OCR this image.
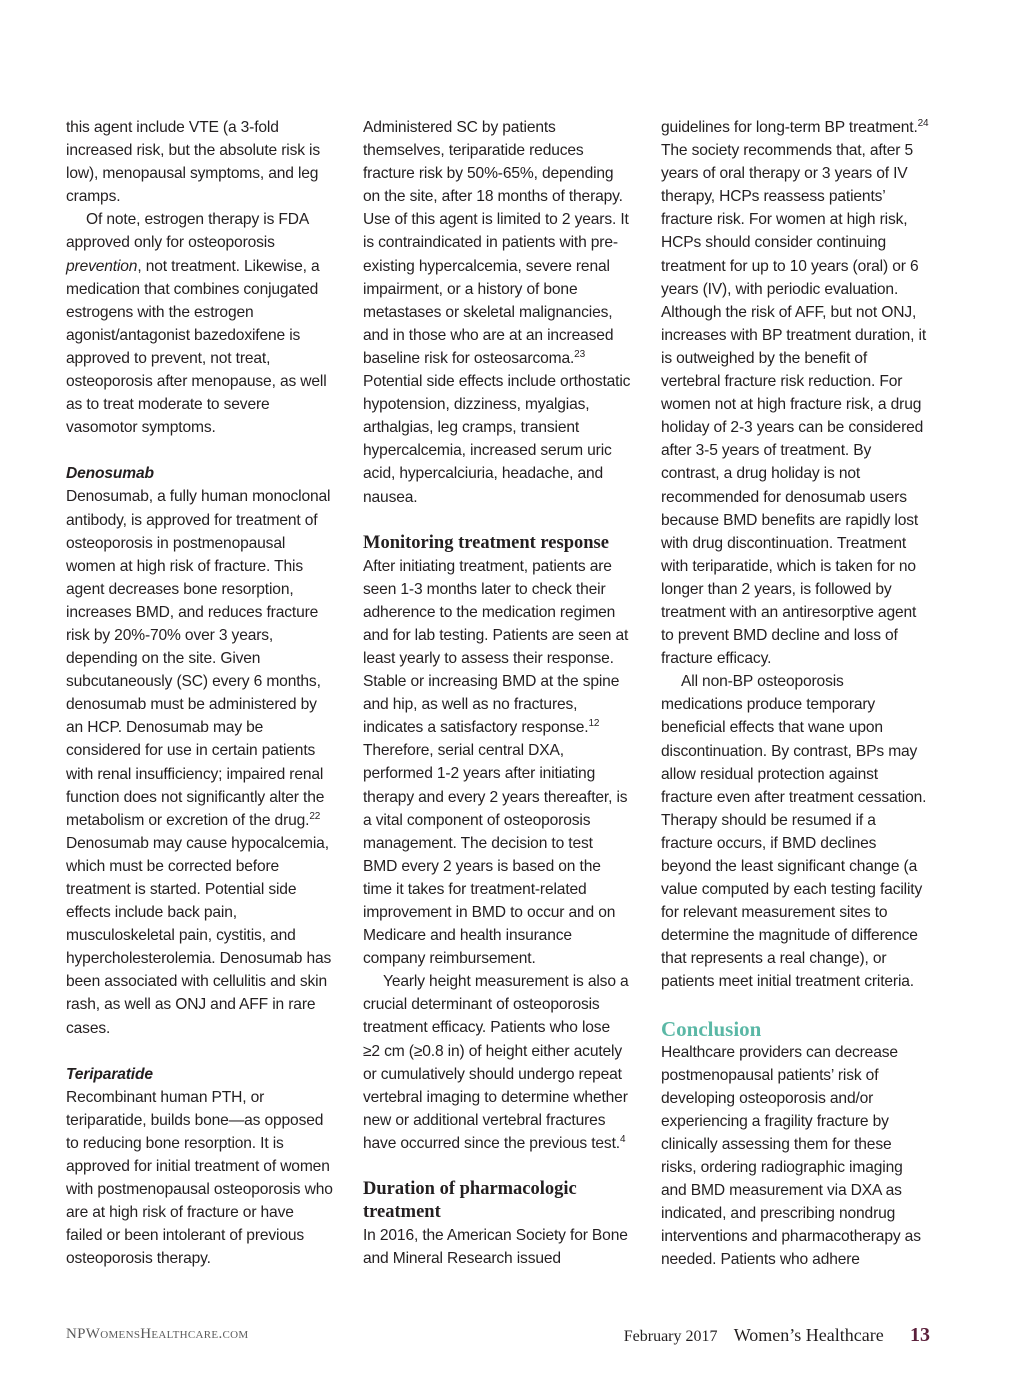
this agent include VTE (a 3-fold increased risk, but the absolute risk is low), menopausal symptoms, and leg cramps.

Of note, estrogen therapy is FDA approved only for osteoporosis prevention, not treatment. Likewise, a medication that combines conjugated estrogens with the estrogen agonist/antagonist bazedoxifene is approved to prevent, not treat, osteoporosis after menopause, as well as to treat moderate to severe vasomotor symptoms.

Denosumab

Denosumab, a fully human monoclonal antibody, is approved for treatment of osteoporosis in postmenopausal women at high risk of fracture. This agent decreases bone resorption, increases BMD, and reduces fracture risk by 20%-70% over 3 years, depending on the site. Given subcutaneously (SC) every 6 months, denosumab must be administered by an HCP. Denosumab may be considered for use in certain patients with renal insufficiency; impaired renal function does not significantly alter the metabolism or excretion of the drug.$^{22}$ Denosumab may cause hypocalcemia, which must be corrected before treatment is started. Potential side effects include back pain, musculoskeletal pain, cystitis, and hypercholesterolemia. Denosumab has been associated with cellulitis and skin rash, as well as ONJ and AFF in rare cases.

Teriparatide

Recombinant human PTH, or teriparatide, builds bone—as opposed to reducing bone resorption. It is approved for initial treatment of women with postmenopausal osteoporosis who are at high risk of fracture or have failed or been intolerant of previous osteoporosis therapy.

Administered SC by patients themselves, teriparatide reduces fracture risk by 50%-65%, depending on the site, after 18 months of therapy. Use of this agent is limited to 2 years. It is contraindicated in patients with pre-existing hypercalcemia, severe renal impairment, or a history of bone metastases or skeletal malignancies, and in those who are at an increased baseline risk for osteosarcoma.$^{23}$ Potential side effects include orthostatic hypotension, dizziness, myalgias, arthalgias, leg cramps, transient hypercalcemia, increased serum uric acid, hypercalciuria, headache, and nausea.

Monitoring treatment response

After initiating treatment, patients are seen 1-3 months later to check their adherence to the medication regimen and for lab testing. Patients are seen at least yearly to assess their response. Stable or increasing BMD at the spine and hip, as well as no fractures, indicates a satisfactory response.$^{12}$ Therefore, serial central DXA, performed 1-2 years after initiating therapy and every 2 years thereafter, is a vital component of osteoporosis management. The decision to test BMD every 2 years is based on the time it takes for treatment-related improvement in BMD to occur and on Medicare and health insurance company reimbursement.

Yearly height measurement is also a crucial determinant of osteoporosis treatment efficacy. Patients who lose ≥2 cm (≥0.8 in) of height either acutely or cumulatively should undergo repeat vertebral imaging to determine whether new or additional vertebral fractures have occurred since the previous test.$^4$

Duration of pharmacologic treatment

In 2016, the American Society for Bone and Mineral Research issued

guidelines for long-term BP treatment.$^{24}$ The society recommends that, after 5 years of oral therapy or 3 years of IV therapy, HCPs reassess patients’ fracture risk. For women at high risk, HCPs should consider continuing treatment for up to 10 years (oral) or 6 years (IV), with periodic evaluation. Although the risk of AFF, but not ONJ, increases with BP treatment duration, it is outweighed by the benefit of vertebral fracture risk reduction. For women not at high fracture risk, a drug holiday of 2-3 years can be considered after 3-5 years of treatment. By contrast, a drug holiday is not recommended for denosumab users because BMD benefits are rapidly lost with drug discontinuation. Treatment with teriparatide, which is taken for no longer than 2 years, is followed by treatment with an antiresorptive agent to prevent BMD decline and loss of fracture efficacy.

All non-BP osteoporosis medications produce temporary beneficial effects that wane upon discontinuation. By contrast, BPs may allow residual protection against fracture even after treatment cessation. Therapy should be resumed if a fracture occurs, if BMD declines beyond the least significant change (a value computed by each testing facility for relevant measurement sites to determine the magnitude of difference that represents a real change), or patients meet initial treatment criteria.

Conclusion

Healthcare providers can decrease postmenopausal patients’ risk of developing osteoporosis and/or experiencing a fragility fracture by clinically assessing them for these risks, ordering radiographic imaging and BMD measurement via DXA as indicated, and prescribing nondrug interventions and pharmacotherapy as needed. Patients who adhere

NPWomensHealthcare.com	February 2017 Women’s Healthcare 13
